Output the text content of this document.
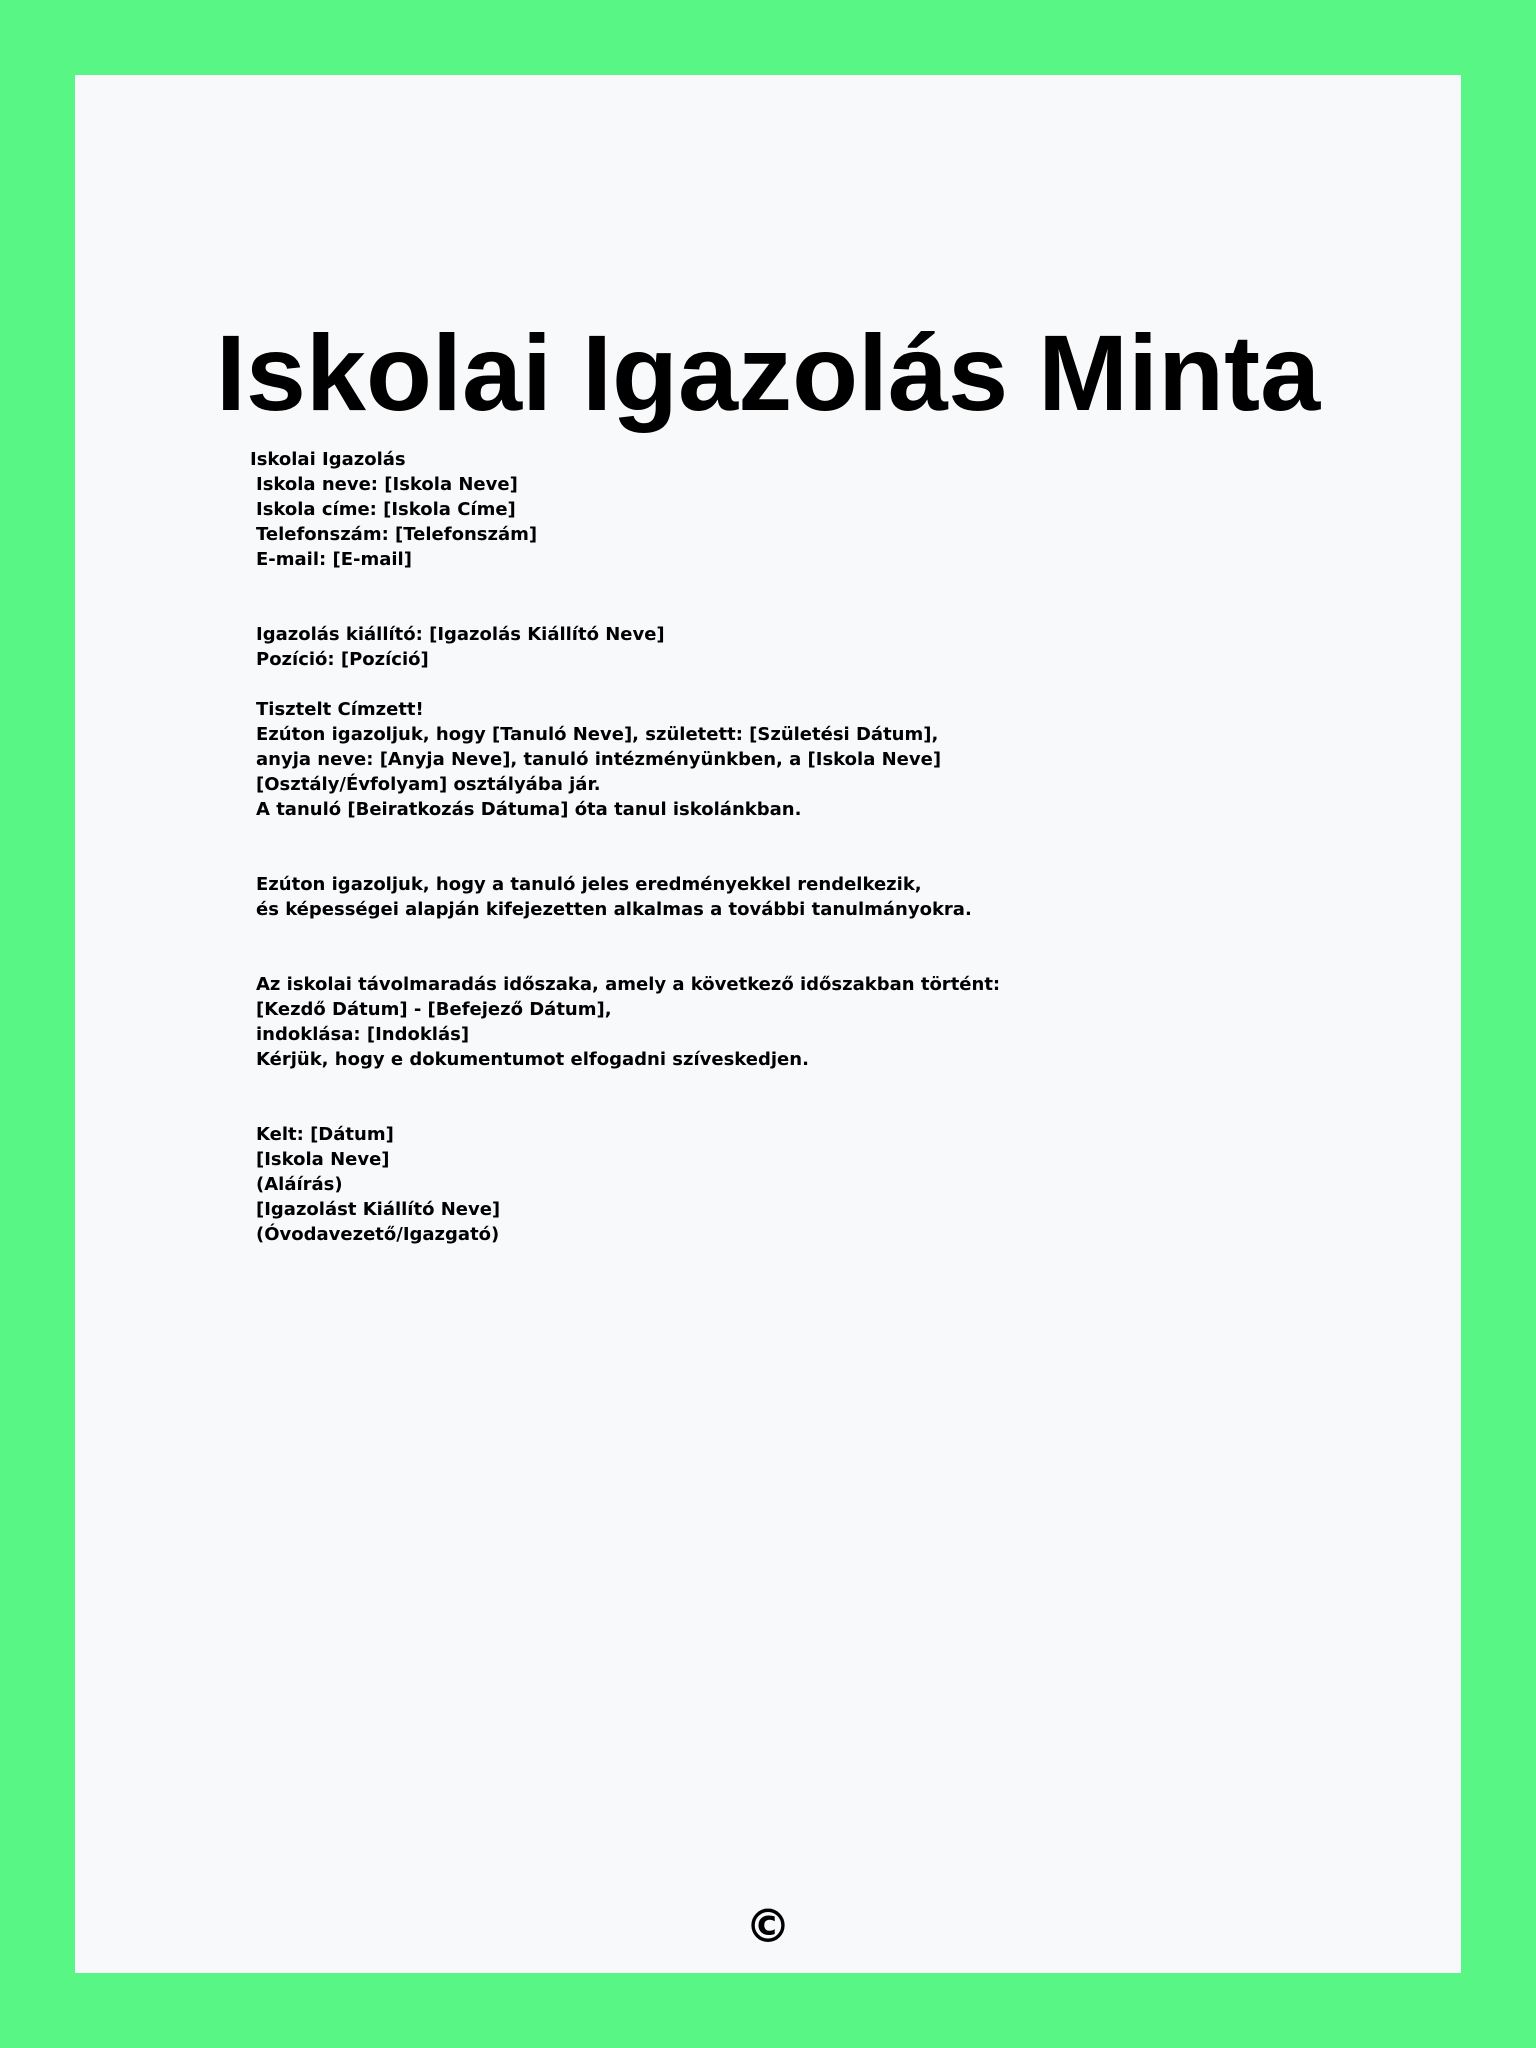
Iskolai Igazolás Minta
Iskolai Igazolás
Iskola neve: [Iskola Neve]
Iskola címe: [Iskola Címe]
Telefonszám: [Telefonszám]
E-mail: [E-mail]
Igazolás kiállító: [Igazolás Kiállító Neve]
Pozíció: [Pozíció]
Tisztelt Címzett!
Ezúton igazoljuk, hogy [Tanuló Neve], született: [Születési Dátum],
anyja neve: [Anyja Neve], tanuló intézményünkben, a [Iskola Neve]
[Osztály/Évfolyam] osztályába jár.
A tanuló [Beiratkozás Dátuma] óta tanul iskolánkban.
Ezúton igazoljuk, hogy a tanuló jeles eredményekkel rendelkezik,
és képességei alapján kifejezetten alkalmas a további tanulmányokra.
Az iskolai távolmaradás időszaka, amely a következő időszakban történt:
[Kezdő Dátum] - [Befejező Dátum],
indoklása: [Indoklás]
Kérjük, hogy e dokumentumot elfogadni szíveskedjen.
Kelt: [Dátum]
[Iskola Neve]
(Aláírás)
[Igazolást Kiállító Neve]
(Óvodavezető/Igazgató)
©
